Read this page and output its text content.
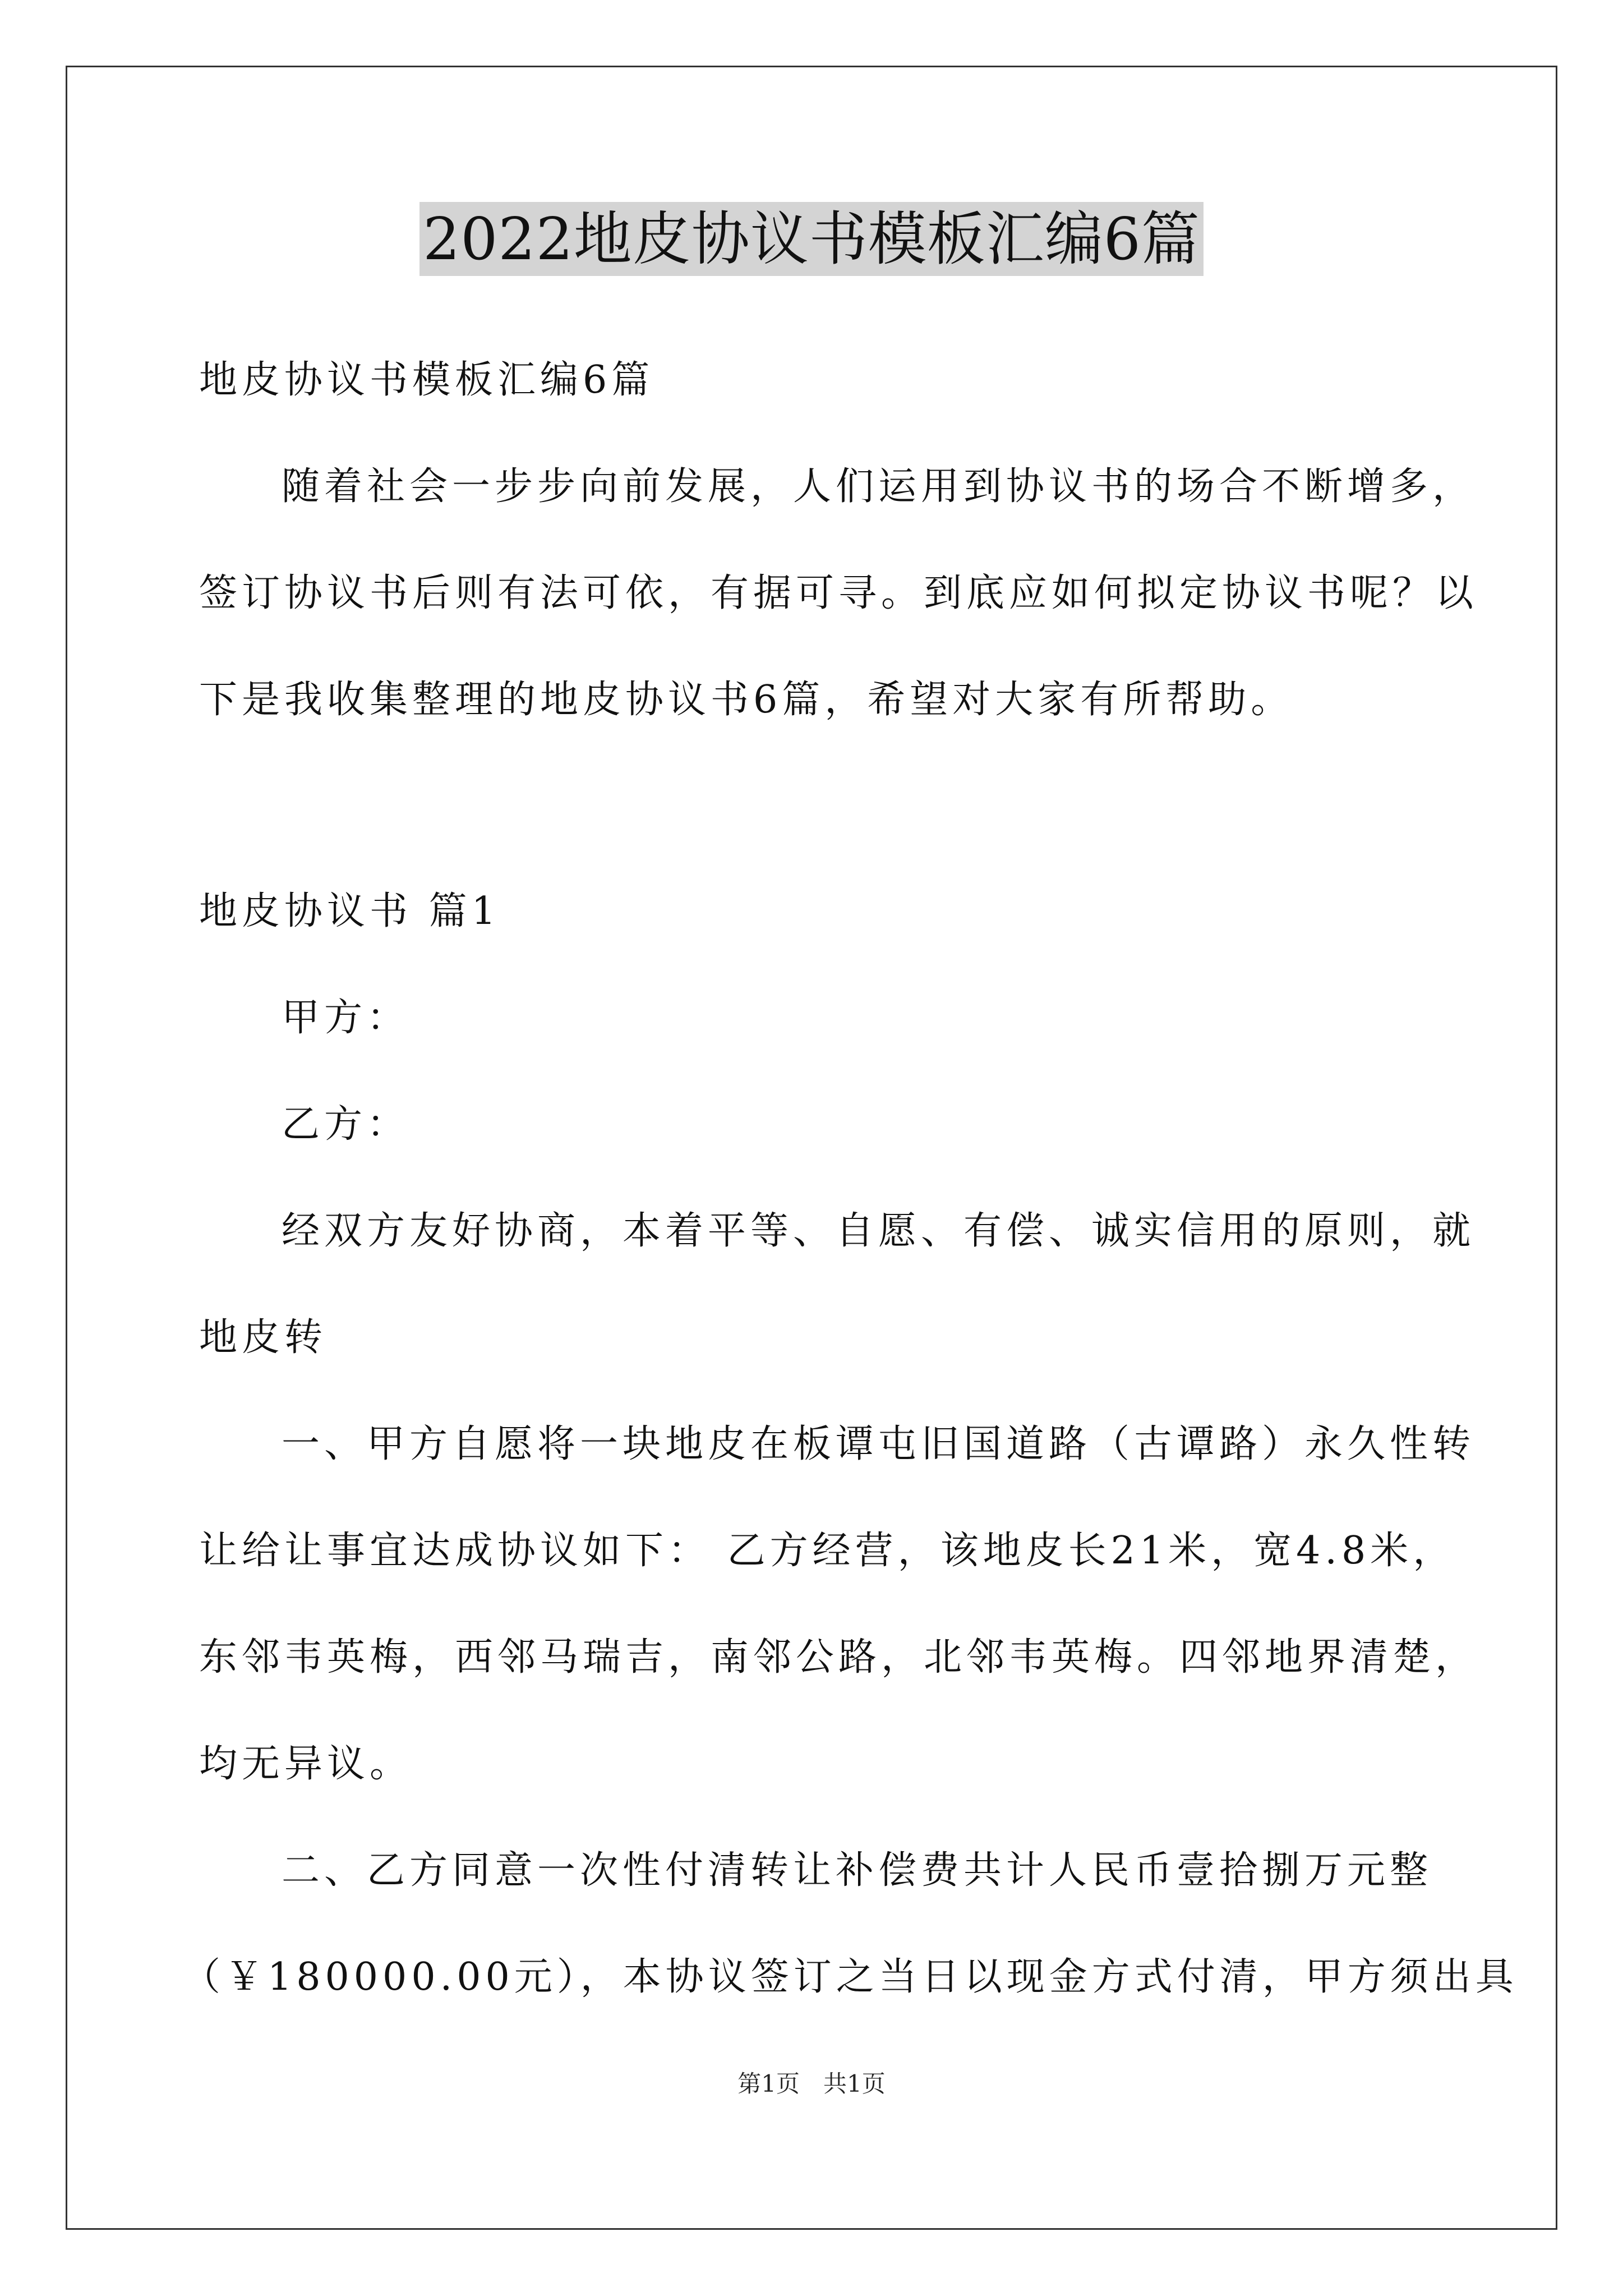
2022地皮协议书模板汇编6篇
地皮协议书模板汇编6篇
随着社会一步步向前发展，人们运用到协议书的场合不断增多，
签订协议书后则有法可依，有据可寻。到底应如何拟定协议书呢？以
下是我收集整理的地皮协议书6篇，希望对大家有所帮助。
地皮协议书 篇1
甲方：
乙方：
经双方友好协商，本着平等、自愿、有偿、诚实信用的原则，就
地皮转
一、甲方自愿将一块地皮在板谭屯旧国道路（古谭路）永久性转
让给让事宜达成协议如下： 乙方经营，该地皮长21米，宽4.8米，
东邻韦英梅，西邻马瑞吉，南邻公路，北邻韦英梅。四邻地界清楚，
均无异议。
二、乙方同意一次性付清转让补偿费共计人民币壹拾捌万元整
（￥180000.00元），本协议签订之当日以现金方式付清，甲方须出具
第1页　共1页
